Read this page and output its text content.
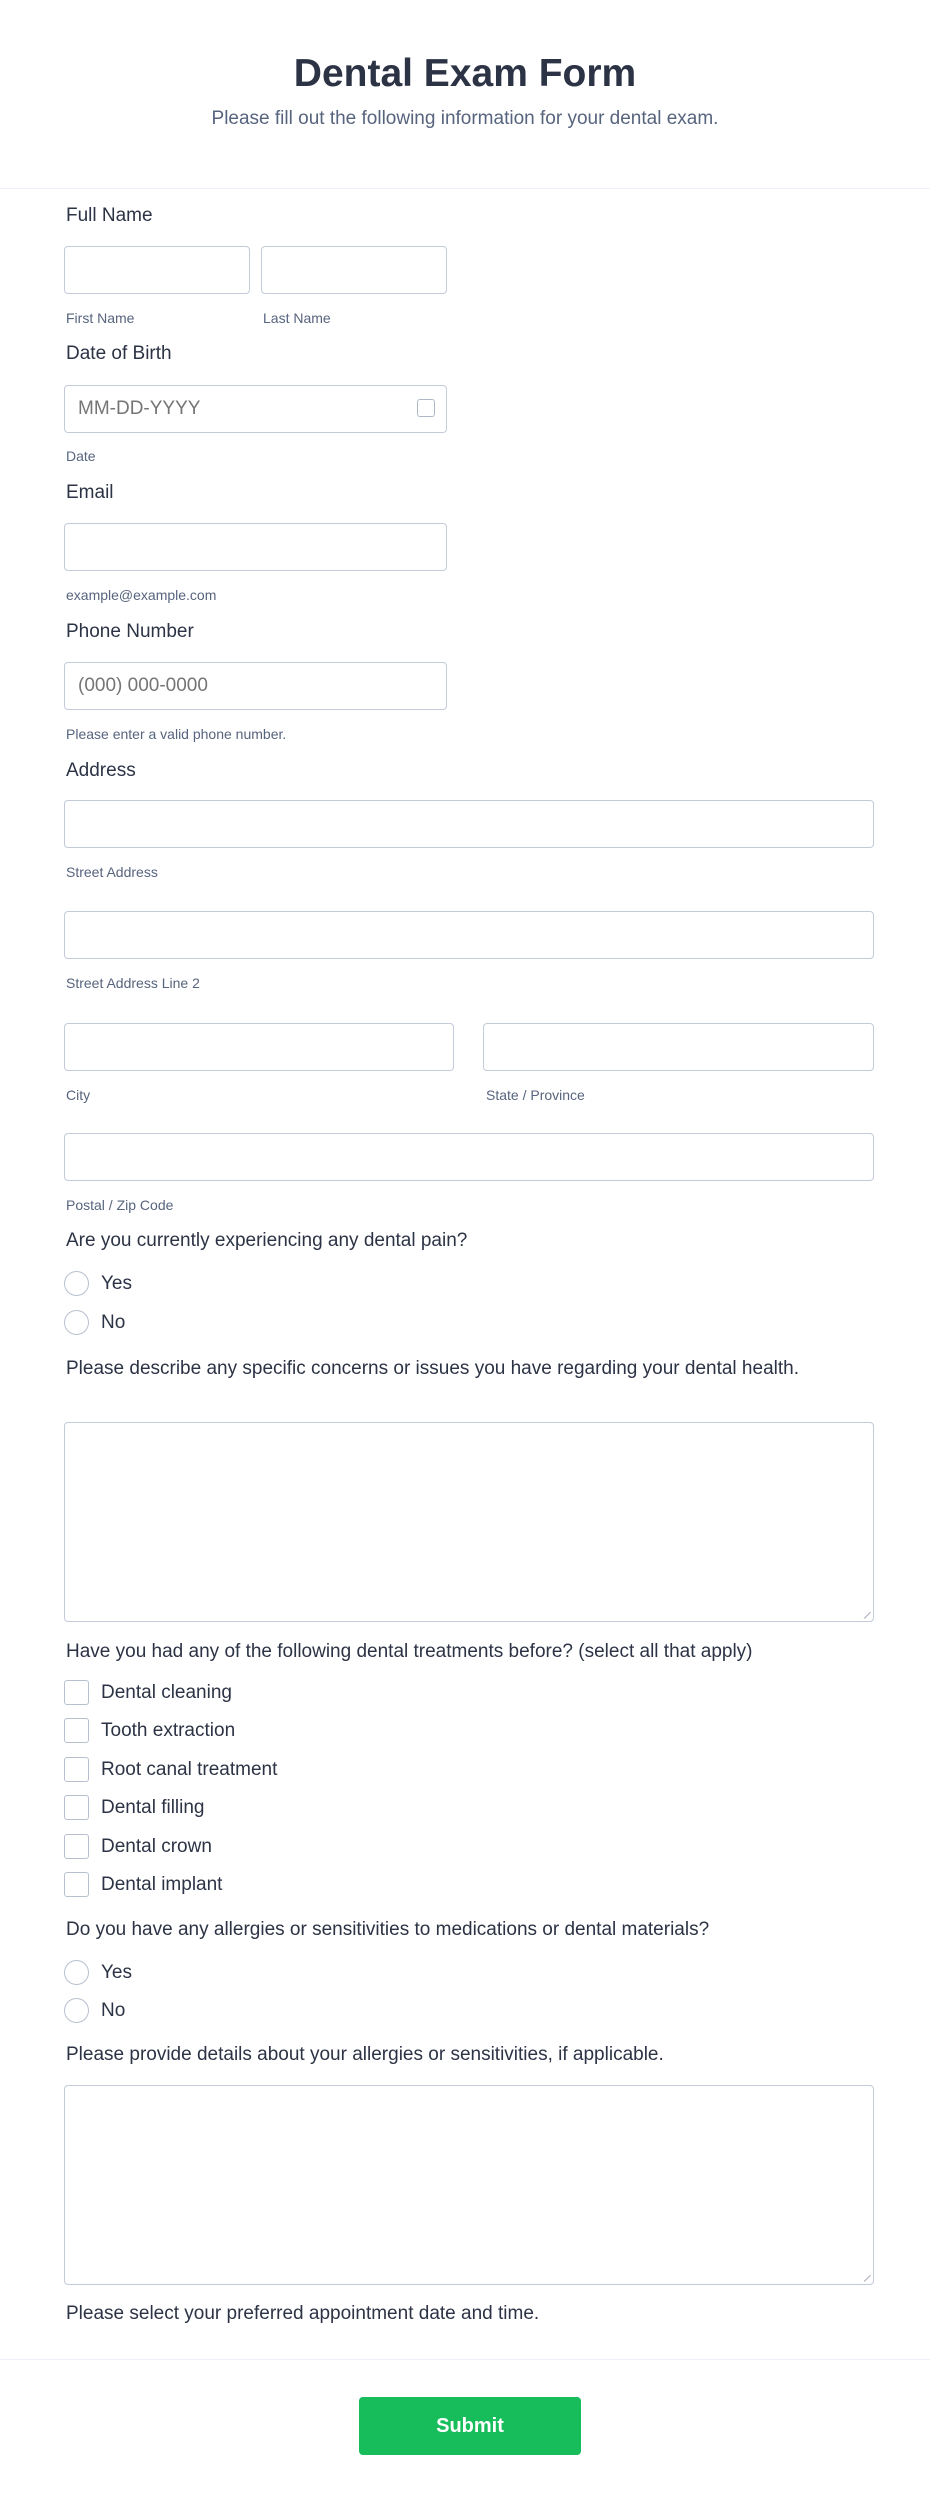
Dental Exam Form
Please fill out the following information for your dental exam.
Full Name
First Name	Last Name
Date of Birth
MM-DD-YYYY
Date
Email
example@example.com
Phone Number
(000) 000-0000
Please enter a valid phone number.
Address
Street Address
Street Address Line 2
City	State / Province
Postal / Zip Code
Are you currently experiencing any dental pain?
Yes
No
Please describe any specific concerns or issues you have regarding your dental health.
Have you had any of the following dental treatments before? (select all that apply)
Dental cleaning
Tooth extraction
Root canal treatment
Dental filling
Dental crown
Dental implant
Do you have any allergies or sensitivities to medications or dental materials?
Yes
No
Please provide details about your allergies or sensitivities, if applicable.
Please select your preferred appointment date and time.
Submit
